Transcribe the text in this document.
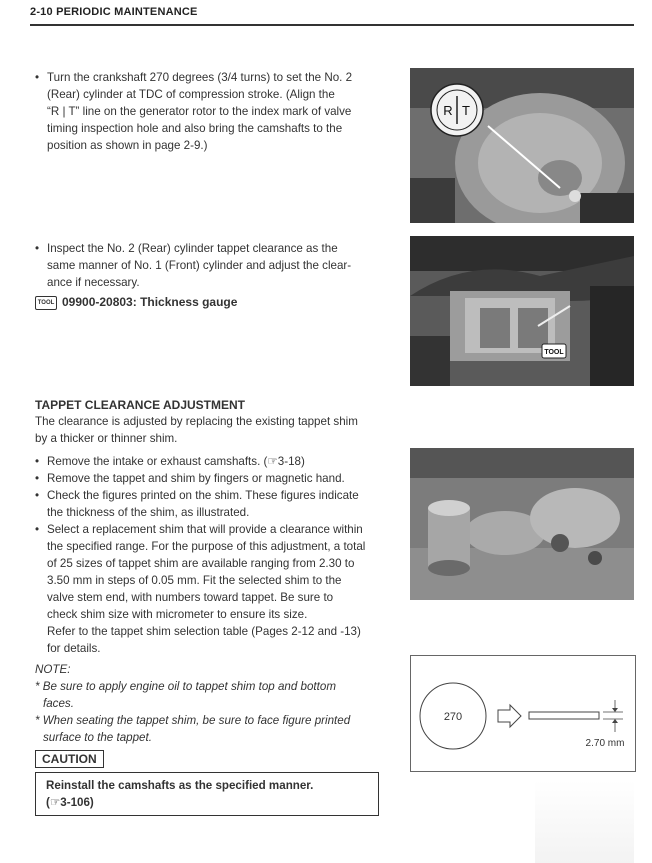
2-10 PERIODIC MAINTENANCE
• Turn the crankshaft 270 degrees (3/4 turns) to set the No. 2
(Rear) cylinder at TDC of compression stroke. (Align the
“R | T” line on the generator rotor to the index mark of valve
timing inspection hole and also bring the camshafts to the
position as shown in page 2-9.)
• Inspect the No. 2 (Rear) cylinder tappet clearance as the
same manner of No. 1 (Front) cylinder and adjust the clear-
ance if necessary.
TOOL 09900-20803: Thickness gauge
TAPPET CLEARANCE ADJUSTMENT
The clearance is adjusted by replacing the existing tappet shim
by a thicker or thinner shim.
• Remove the intake or exhaust camshafts. (☞3-18)
• Remove the tappet and shim by fingers or magnetic hand.
• Check the figures printed on the shim. These figures indicate
the thickness of the shim, as illustrated.
• Select a replacement shim that will provide a clearance within
the specified range. For the purpose of this adjustment, a total
of 25 sizes of tappet shim are available ranging from 2.30 to
3.50 mm in steps of 0.05 mm. Fit the selected shim to the
valve stem end, with numbers toward tappet. Be sure to
check shim size with micrometer to ensure its size.
Refer to the tappet shim selection table (Pages 2-12 and -13)
for details.
NOTE:
* Be sure to apply engine oil to tappet shim top and bottom
faces.
* When seating the tappet shim, be sure to face figure printed
surface to the tappet.
CAUTION
Reinstall the camshafts as the specified manner.
(☞3-106)
R T
TOOL
270
2.70 mm
